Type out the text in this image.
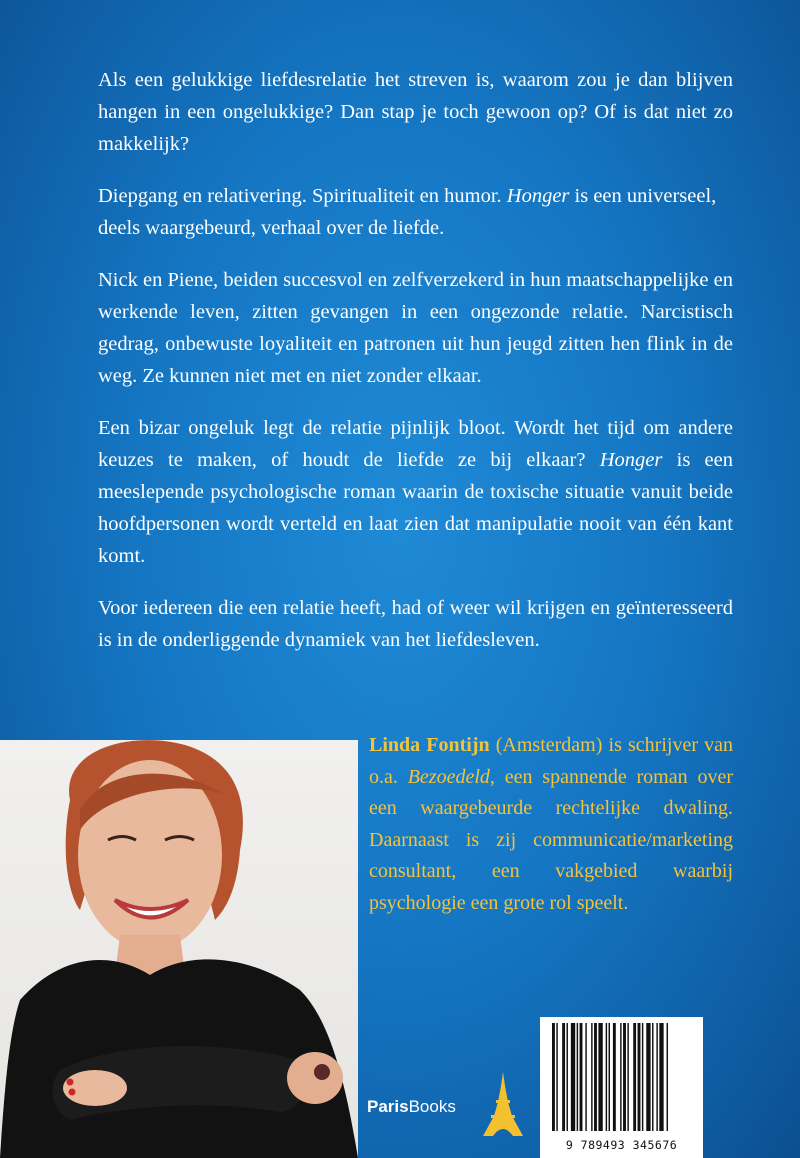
Als een gelukkige liefdesrelatie het streven is, waarom zou je dan blijven hangen in een ongelukkige? Dan stap je toch gewoon op? Of is dat niet zo makkelijk?

Diepgang en relativering. Spiritualiteit en humor. Honger is een universeel, deels waargebeurd, verhaal over de liefde.

Nick en Piene, beiden succesvol en zelfverzekerd in hun maatschappelijke en werkende leven, zitten gevangen in een ongezonde relatie. Narcistisch gedrag, onbewuste loyaliteit en patronen uit hun jeugd zitten hen flink in de weg. Ze kunnen niet met en niet zonder elkaar.

Een bizar ongeluk legt de relatie pijnlijk bloot. Wordt het tijd om andere keuzes te maken, of houdt de liefde ze bij elkaar? Honger is een meeslepende psychologische roman waarin de toxische situatie vanuit beide hoofdpersonen wordt verteld en laat zien dat manipulatie nooit van één kant komt.

Voor iedereen die een relatie heeft, had of weer wil krijgen en geïnteresseerd is in de onderliggende dynamiek van het liefdesleven.

Linda Fontijn (Amsterdam) is schrijver van o.a. Bezoedeld, een spannende roman over een waargebeurde rechtelijke dwaling. Daarnaast is zij communicatie/marketing consultant, een vakgebied waarbij psychologie een grote rol speelt.
ParisBooks
9 789493 345676
